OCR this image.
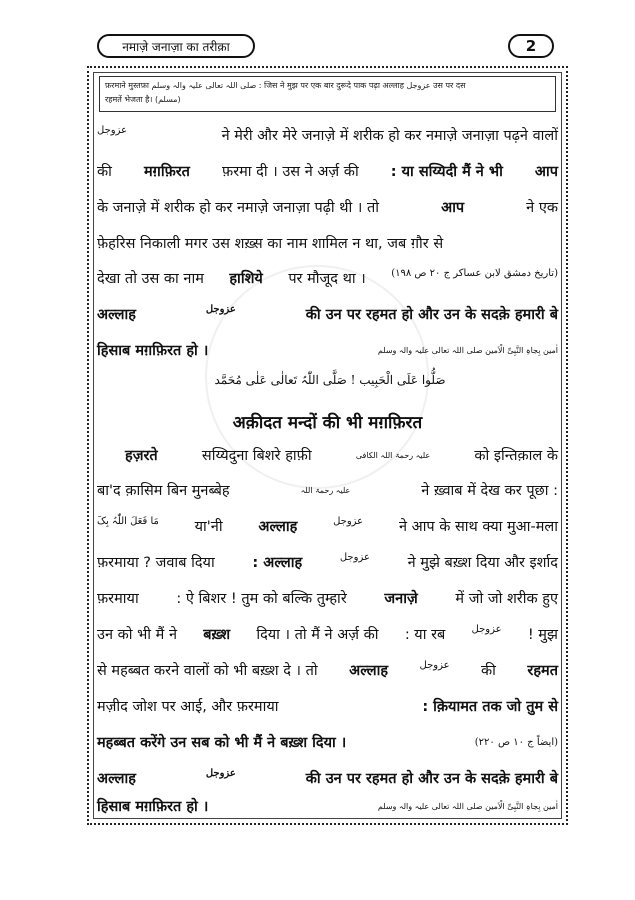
नमाज़े जनाज़ा का तरीक़ा	2
फ़रमाने मुस्तफ़ा صلی اللہ تعالی علیہ والہ وسلم : जिस ने मुझ पर एक बार दुरूदे पाक पढ़ा अल्लाह عزوجل उस पर दस
रहमतें भेजता है। (مسلم)
عزوجل	ने मेरी और मेरे जनाज़े में शरीक हो कर नमाज़े जनाज़ा पढ़ने वालों
की मग़फ़िरत फ़रमा दी । उस ने अर्ज़ की : या सय्यिदी मैं ने भी आप
के जनाज़े में शरीक हो कर नमाज़े जनाज़ा पढ़ी थी । तो	आप	ने एक
फ़ेहरिस निकाली मगर उस शख़्स का नाम शामिल न था, जब ग़ौर से
देखा तो उस का नाम हाशिये पर मौजूद था ।	(تاریخ دمشق لابن عساکر ج ۲۰ ص ۱۹۸)
अल्लाह	عزوجل	की उन पर रहमत हो और उन के सदक़े हमारी बे
हिसाब मग़फ़िरत हो ।	اٰمین بِجاہِ النَّبِیِّ الْاَمین صلی اللہ تعالی علیہ والہ وسلم
صَلُّوا عَلَی الْحَبِیب ! صَلَّی اللّٰہُ تَعالٰی عَلٰی مُحَمَّد
अक़ीदत मन्दों की भी मग़फ़िरत
हज़रते	सय्यिदुना बिशरे हाफ़ी	علیہ رحمۃ اللہ الکافی	को इन्तिक़ाल के
बा'द क़ासिम बिन मुनब्बेह	علیہ رحمۃ اللہ	ने ख़्वाब में देख कर पूछा :
مَا فَعَلَ اللّٰہُ بِکَ या'नी अल्लाह	عزوجل ने आप के साथ क्या मुआ-मला
फ़रमाया ? जवाब दिया	: अल्लाह	عزوجل	ने मुझे बख़्श दिया और इर्शाद
फ़रमाया	: ऐ बिशर ! तुम को बल्कि तुम्हारे	जनाज़े	में जो जो शरीक हुए
उन को भी मैं ने बख़्श दिया । तो मैं ने अर्ज़ की : या रब	عزوجل ! मुझ
से महब्बत करने वालों को भी बख़्श दे । तो अल्लाह	عزوجل की रहमत
मज़ीद जोश पर आई, और फ़रमाया	: क़ियामत तक जो तुम से
महब्बत करेंगे उन सब को भी मैं ने बख़्श दिया ।	(ایضاً ج ۱۰ ص ۲۲۰)
अल्लाह	عزوجل	की उन पर रहमत हो और उन के सदक़े हमारी बे
हिसाब मग़फ़िरत हो ।	اٰمین بِجاہِ النَّبِیِّ الْاَمین صلی اللہ تعالی علیہ والہ وسلم
